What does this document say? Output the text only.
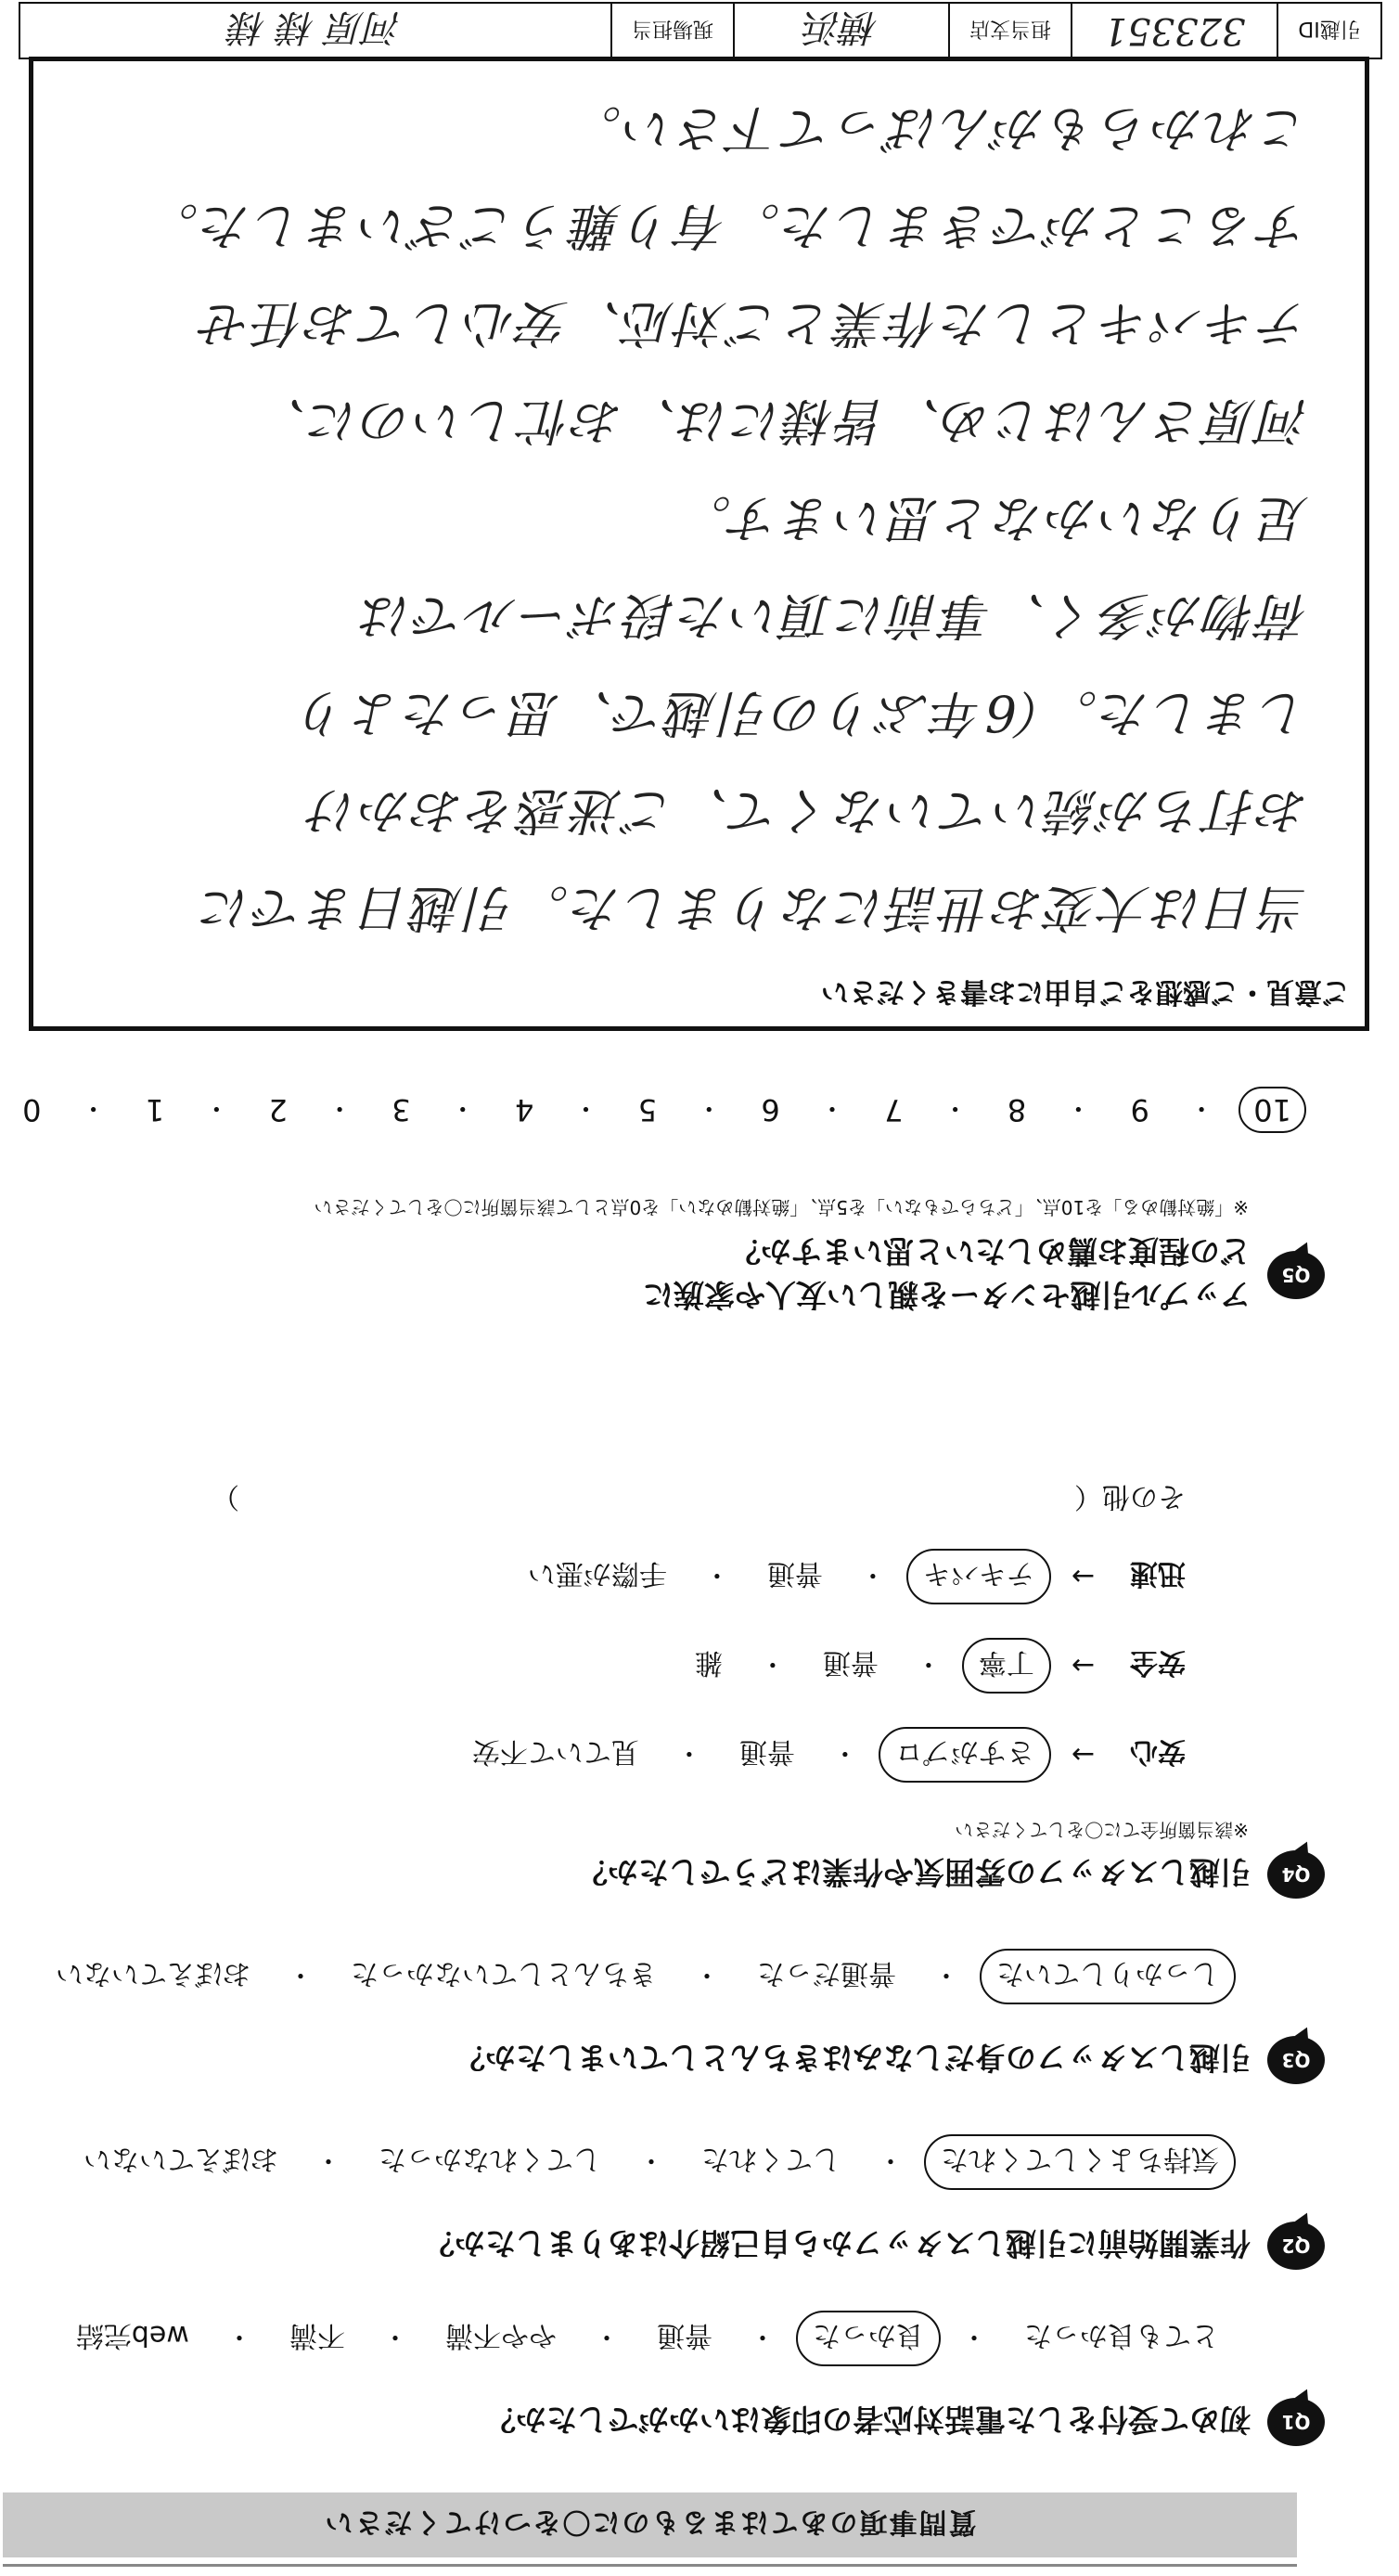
質問事項のあてはまるものに〇をつけてください
Q1
初めて受付をした電話対応者の印象はいかがでしたか？
とても良かった
・
良かった
・
普通
・
やや不満
・
不満
・
web完結
Q2
作業開始前に引越しスタッフから自己紹介はありましたか？
気持ちよくしてくれた
・
してくれた
・
してくれなかった
・
おぼえていない
Q3
引越しスタッフの身だしなみはきちんとしていましたか？
しっかりしていた
・
普通だった
・
きちんとしていなかった
・
おぼえていない
Q4
引越しスタッフの雰囲気や作業はどうでしたか？
※該当箇所全てに〇をしてください
安心
→
さすがプロ
・
普通
・
見ていて不安
安全
→
丁寧
・
普通
・
雑
迅速
→
テキパキ
・
普通
・
手際が悪い
その他（　　　　　　　　　　　　　　　　　　　　　　　　　　　　　　）
Q5
アップル引越センターを親しい友人や家族に
どの程度お薦めしたいと思いますか？
※「絶対勧める」を10点、「どちらでもない」を5点、「絶対勧めない」を0点として該当箇所に〇をしてください
10
・
9
・
8
・
7
・
6
・
5
・
4
・
3
・
2
・
1
・
0
ご意見・ご感想をご自由にお書きください
当日は大変お世話になりました。引越日までに
お打ちが続いていなくて、ご迷惑をおかけ
しました。（6年ぶりの引越で、思ったより
荷物が多く、事前に頂いた段ボールでは
足りないかなと思います。
河原さんはじめ、皆様には、お忙しいのに、
テキパキとした作業とご対応、安心してお任せ
することができました。有り難うございました。
これからもがんばって下さい。
引越ID
323351
担当支店
横浜
現場担当
河原 様 様
